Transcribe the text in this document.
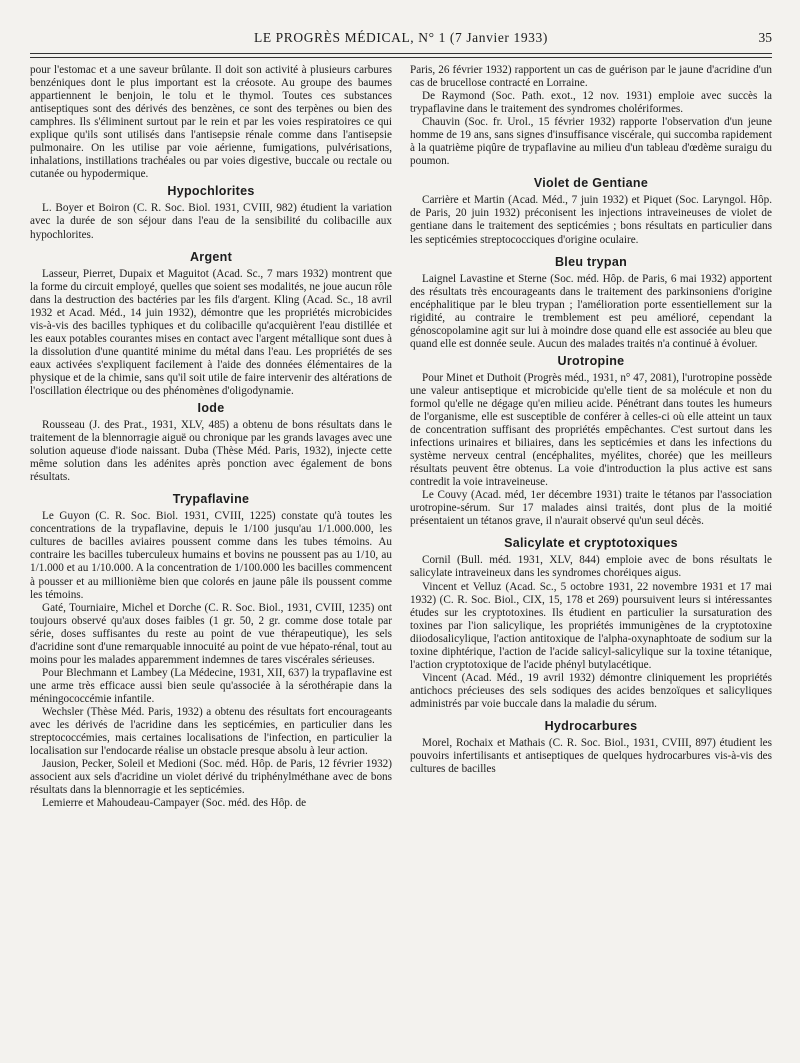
LE PROGRÈS MÉDICAL, N° 1 (7 Janvier 1933)	35

pour l'estomac et a une saveur brûlante. Il doit son activité à plusieurs carbures benzéniques dont le plus important est la créosote. Au groupe des baumes appartiennent le benjoin, le tolu et le thymol. Toutes ces substances antiseptiques sont des dérivés des benzènes, ce sont des terpènes ou bien des camphres. Ils s'éliminent surtout par le rein et par les voies respiratoires ce qui explique qu'ils sont utilisés dans l'antisepsie rénale comme dans l'antisepsie pulmonaire. On les utilise par voie aérienne, fumigations, pulvérisations, inhalations, instillations trachéales ou par voies digestive, buccale ou rectale ou cutanée ou hypodermique.

Hypochlorites

L. Boyer et Boiron (C. R. Soc. Biol. 1931, CVIII, 982) étudient la variation avec la durée de son séjour dans l'eau de la sensibilité du colibacille aux hypochlorites.

Argent

Lasseur, Pierret, Dupaix et Maguitot (Acad. Sc., 7 mars 1932) montrent que la forme du circuit employé, quelles que soient ses modalités, ne joue aucun rôle dans la destruction des bactéries par les fils d'argent. Kling (Acad. Sc., 18 avril 1932 et Acad. Méd., 14 juin 1932), démontre que les propriétés microbicides vis-à-vis des bacilles typhiques et du colibacille qu'acquièrent l'eau distillée et les eaux potables courantes mises en contact avec l'argent métallique sont dues à la dissolution d'une quantité minime du métal dans l'eau. Les propriétés de ses eaux activées s'expliquent facilement à l'aide des données élémentaires de la physique et de la chimie, sans qu'il soit utile de faire intervenir des altérations de l'oscillation électrique ou des phénomènes d'oligodynamie.

Iode

Rousseau (J. des Prat., 1931, XLV, 485) a obtenu de bons résultats dans le traitement de la blennorragie aiguë ou chronique par les grands lavages avec une solution aqueuse d'iode naissant. Duba (Thèse Méd. Paris, 1932), injecte cette même solution dans les adénites après ponction avec également de bons résultats.

Trypaflavine

Le Guyon (C. R. Soc. Biol. 1931, CVIII, 1225) constate qu'à toutes les concentrations de la trypaflavine, depuis le 1/100 jusqu'au 1/1.000.000, les cultures de bacilles aviaires poussent comme dans les tubes témoins. Au contraire les bacilles tuberculeux humains et bovins ne poussent pas au 1/10, au 1/1.000 et au 1/10.000. A la concentration de 1/100.000 les bacilles commencent à pousser et au millionième bien que colorés en jaune pâle ils poussent comme les témoins.

Gaté, Tourniaire, Michel et Dorche (C. R. Soc. Biol., 1931, CVIII, 1235) ont toujours observé qu'aux doses faibles (1 gr. 50, 2 gr. comme dose totale par série, doses suffisantes du reste au point de vue thérapeutique), les sels d'acridine sont d'une remarquable innocuité au point de vue hépato-rénal, tout au moins pour les malades apparemment indemnes de tares viscérales sérieuses.

Pour Blechmann et Lambey (La Médecine, 1931, XII, 637) la trypaflavine est une arme très efficace aussi bien seule qu'associée à la sérothérapie dans la méningococcémie infantile.

Wechsler (Thèse Méd. Paris, 1932) a obtenu des résultats fort encourageants avec les dérivés de l'acridine dans les septicémies, en particulier dans les streptococcémies, mais certaines localisations de l'infection, en particulier la localisation sur l'endocarde réalise un obstacle presque absolu à leur action.

Jausion, Pecker, Soleil et Medioni (Soc. méd. Hôp. de Paris, 12 février 1932) associent aux sels d'acridine un violet dérivé du triphénylméthane avec de bons résultats dans la blennorragie et les septicémies.

Lemierre et Mahoudeau-Campayer (Soc. méd. des Hôp. de

Paris, 26 février 1932) rapportent un cas de guérison par le jaune d'acridine d'un cas de brucellose contracté en Lorraine.

De Raymond (Soc. Path. exot., 12 nov. 1931) emploie avec succès la trypaflavine dans le traitement des syndromes cholériformes.

Chauvin (Soc. fr. Urol., 15 février 1932) rapporte l'observation d'un jeune homme de 19 ans, sans signes d'insuffisance viscérale, qui succomba rapidement à la quatrième piqûre de trypaflavine au milieu d'un tableau d'œdème suraigu du poumon.

Violet de Gentiane

Carrière et Martin (Acad. Méd., 7 juin 1932) et Piquet (Soc. Laryngol. Hôp. de Paris, 20 juin 1932) préconisent les injections intraveineuses de violet de gentiane dans le traitement des septicémies ; bons résultats en particulier dans les septicémies streptococciques d'origine oculaire.

Bleu trypan

Laignel Lavastine et Sterne (Soc. méd. Hôp. de Paris, 6 mai 1932) apportent des résultats très encourageants dans le traitement des parkinsoniens d'origine encéphalitique par le bleu trypan ; l'amélioration porte essentiellement sur la rigidité, au contraire le tremblement est peu amélioré, cependant la génoscopolamine agit sur lui à moindre dose quand elle est associée au bleu que quand elle est donnée seule. Aucun des malades traités n'a continué à évoluer.

Urotropine

Pour Minet et Duthoit (Progrès méd., 1931, n° 47, 2081), l'urotropine possède une valeur antiseptique et microbicide qu'elle tient de sa molécule et non du formol qu'elle ne dégage qu'en milieu acide. Pénétrant dans toutes les humeurs de l'organisme, elle est susceptible de conférer à celles-ci où elle atteint un taux de concentration suffisant des propriétés empêchantes. C'est surtout dans les infections urinaires et biliaires, dans les septicémies et dans les infections du système nerveux central (encéphalites, myélites, chorée) que les meilleurs résultats peuvent être obtenus. La voie d'introduction la plus active est sans contredit la voie intraveineuse.

Le Couvy (Acad. méd, 1er décembre 1931) traite le tétanos par l'association urotropine-sérum. Sur 17 malades ainsi traités, dont plus de la moitié présentaient un tétanos grave, il n'aurait observé qu'un seul décès.

Salicylate et cryptotoxiques

Cornil (Bull. méd. 1931, XLV, 844) emploie avec de bons résultats le salicylate intraveineux dans les syndromes choréiques aigus.

Vincent et Velluz (Acad. Sc., 5 octobre 1931, 22 novembre 1931 et 17 mai 1932) (C. R. Soc. Biol., CIX, 15, 178 et 269) poursuivent leurs si intéressantes études sur les cryptotoxines. Ils étudient en particulier la sursaturation des toxines par l'ion salicylique, les propriétés immunigènes de la cryptotoxine diiodosalicylique, l'action antitoxique de l'alpha-oxynaphtoate de sodium sur la toxine diphtérique, l'action de l'acide salicyl-salicylique sur la toxine tétanique, l'action cryptotoxique de l'acide phényl butylacétique.

Vincent (Acad. Méd., 19 avril 1932) démontre cliniquement les propriétés antichocs précieuses des sels sodiques des acides benzoïques et salicyliques administrés par voie buccale dans la maladie du sérum.

Hydrocarbures

Morel, Rochaix et Mathais (C. R. Soc. Biol., 1931, CVIII, 897) étudient les pouvoirs infertilisants et antiseptiques de quelques hydrocarbures vis-à-vis des cultures de bacilles
